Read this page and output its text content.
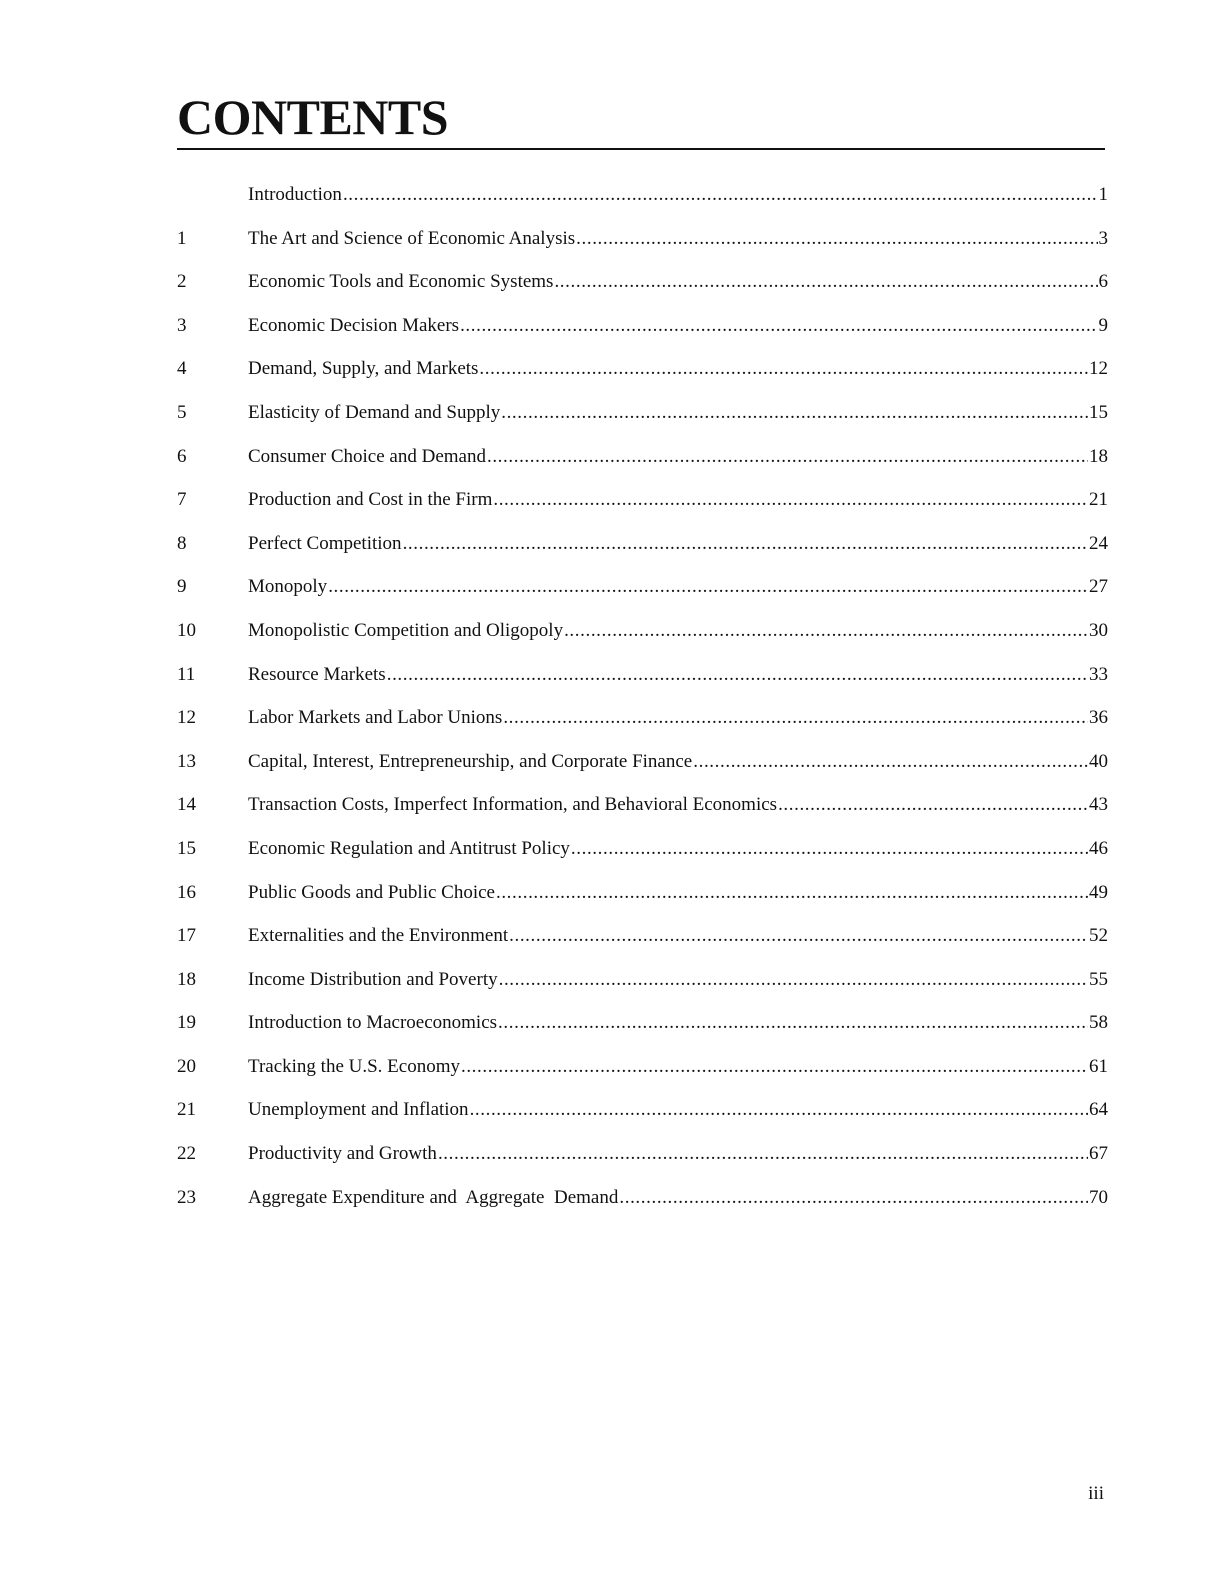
CONTENTS
Introduction .....	1
1	The Art and Science of Economic Analysis .....	3
2	Economic Tools and Economic Systems .....	6
3	Economic Decision Makers .....	9
4	Demand, Supply, and Markets .....	12
5	Elasticity of Demand and Supply .....	15
6	Consumer Choice and Demand .....	18
7	Production and Cost in the Firm .....	21
8	Perfect Competition .....	24
9	Monopoly .....	27
10	Monopolistic Competition and Oligopoly .....	30
11	Resource Markets .....	33
12	Labor Markets and Labor Unions .....	36
13	Capital, Interest, Entrepreneurship, and Corporate Finance .....	40
14	Transaction Costs, Imperfect Information, and Behavioral Economics .....	43
15	Economic Regulation and Antitrust Policy .....	46
16	Public Goods and Public Choice .....	49
17	Externalities and the Environment .....	52
18	Income Distribution and Poverty .....	55
19	Introduction to Macroeconomics .....	58
20	Tracking the U.S. Economy .....	61
21	Unemployment and Inflation .....	64
22	Productivity and Growth .....	67
23	Aggregate Expenditure and  Aggregate  Demand .....	70
iii
